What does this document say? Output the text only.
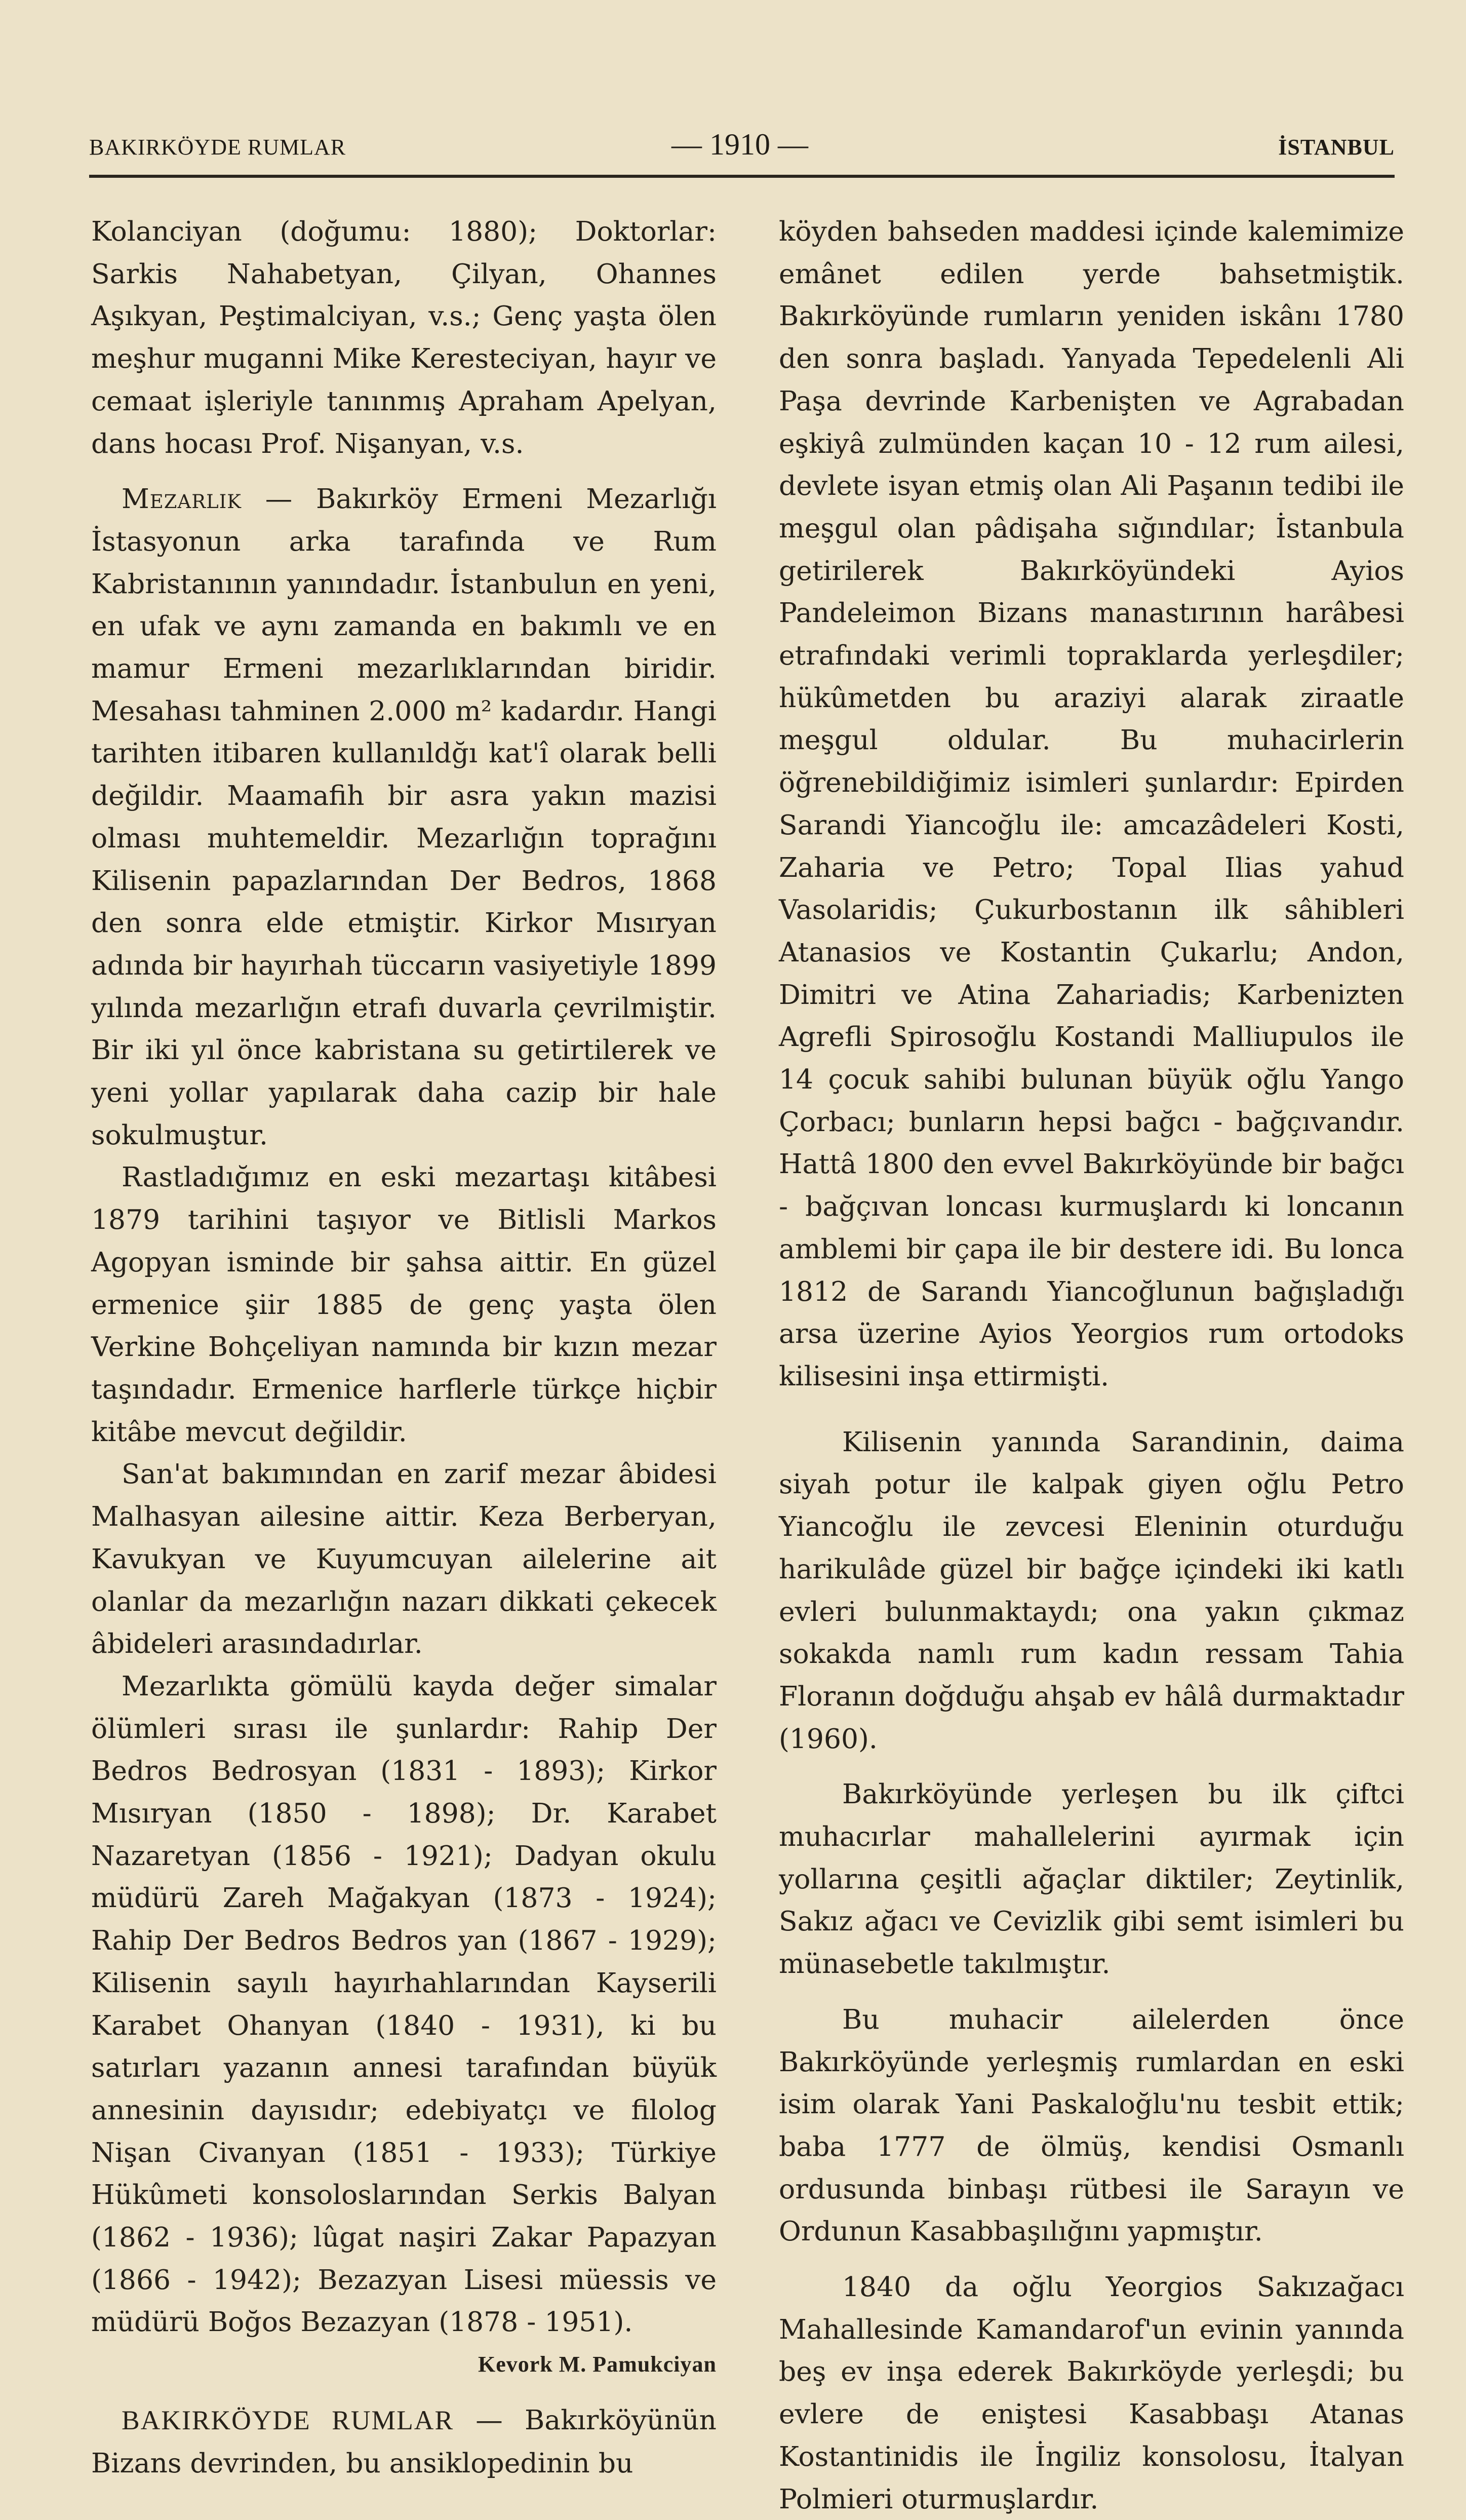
BAKIRKÖYDE RUMLAR	— 1910 —	İSTANBUL

Kolanciyan (doğumu: 1880); Doktorlar: Sarkis Nahabetyan, Çilyan, Ohannes Aşıkyan, Peştimalciyan, v.s.; Genç yaşta ölen meşhur muganni Mike Keresteciyan, hayır ve cemaat işleriyle tanınmış Apraham Apelyan, dans hocası Prof. Nişanyan, v.s.

Mezarlık — Bakırköy Ermeni Mezarlığı İstasyonun arka tarafında ve Rum Kabristanının yanındadır. İstanbulun en yeni, en ufak ve aynı zamanda en bakımlı ve en mamur Ermeni mezarlıklarından biridir. Mesahası tahminen 2.000 m² kadardır. Hangi tarihten itibaren kullanıldğı kat'î olarak belli değildir. Maamafih bir asra yakın mazisi olması muhtemeldir. Mezarlığın toprağını Kilisenin papazlarından Der Bedros, 1868 den sonra elde etmiştir. Kirkor Mısıryan adında bir hayırhah tüccarın vasiyetiyle 1899 yılında mezarlığın etrafı duvarla çevrilmiştir. Bir iki yıl önce kabristana su getirtilerek ve yeni yollar yapılarak daha cazip bir hale sokulmuştur.

Rastladığımız en eski mezartaşı kitâbesi 1879 tarihini taşıyor ve Bitlisli Markos Agopyan isminde bir şahsa aittir. En güzel ermenice şiir 1885 de genç yaşta ölen Verkine Bohçeliyan namında bir kızın mezar taşındadır. Ermenice harflerle türkçe hiçbir kitâbe mevcut değildir.

San'at bakımından en zarif mezar âbidesi Malhasyan ailesine aittir. Keza Berberyan, Kavukyan ve Kuyumcuyan ailelerine ait olanlar da mezarlığın nazarı dikkati çekecek âbideleri arasındadırlar.

Mezarlıkta gömülü kayda değer simalar ölümleri sırası ile şunlardır: Rahip Der Bedros Bedrosyan (1831 - 1893); Kirkor Mısıryan (1850 - 1898); Dr. Karabet Nazaretyan (1856 - 1921); Dadyan okulu müdürü Zareh Mağakyan (1873 - 1924); Rahip Der Bedros Bedros yan (1867 - 1929); Kilisenin sayılı hayırhahlarından Kayserili Karabet Ohanyan (1840 - 1931), ki bu satırları yazanın annesi tarafından büyük annesinin dayısıdır; edebiyatçı ve filolog Nişan Civanyan (1851 - 1933); Türkiye Hükûmeti konsoloslarından Serkis Balyan (1862 - 1936); lûgat naşiri Zakar Papazyan (1866 - 1942); Bezazyan Lisesi müessis ve müdürü Boğos Bezazyan (1878 - 1951).

Kevork M. Pamukciyan

BAKIRKÖYDE RUMLAR — Bakırköyünün Bizans devrinden, bu ansiklopedinin bu

köyden bahseden maddesi içinde kalemimize emânet edilen yerde bahsetmiştik. Bakırköyünde rumların yeniden iskânı 1780 den sonra başladı. Yanyada Tepedelenli Ali Paşa devrinde Karbenişten ve Agrabadan eşkiyâ zulmünden kaçan 10 - 12 rum ailesi, devlete isyan etmiş olan Ali Paşanın tedibi ile meşgul olan pâdişaha sığındılar; İstanbula getirilerek Bakırköyündeki Ayios Pandeleimon Bizans manastırının harâbesi etrafındaki verimli topraklarda yerleşdiler; hükûmetden bu araziyi alarak ziraatle meşgul oldular. Bu muhacirlerin öğrenebildiğimiz isimleri şunlardır: Epirden Sarandi Yiancoğlu ile: amcazâdeleri Kosti, Zaharia ve Petro; Topal Ilias yahud Vasolaridis; Çukurbostanın ilk sâhibleri Atanasios ve Kostantin Çukarlu; Andon, Dimitri ve Atina Zahariadis; Karbenizten Agrefli Spirosoğlu Kostandi Malliupulos ile 14 çocuk sahibi bulunan büyük oğlu Yango Çorbacı; bunların hepsi bağcı - bağçıvandır. Hattâ 1800 den evvel Bakırköyünde bir bağcı - bağçıvan loncası kurmuşlardı ki loncanın amblemi bir çapa ile bir destere idi. Bu lonca 1812 de Sarandı Yiancoğlunun bağışladığı arsa üzerine Ayios Yeorgios rum ortodoks kilisesini inşa ettirmişti.

Kilisenin yanında Sarandinin, daima siyah potur ile kalpak giyen oğlu Petro Yiancoğlu ile zevcesi Eleninin oturduğu harikulâde güzel bir bağçe içindeki iki katlı evleri bulunmaktaydı; ona yakın çıkmaz sokakda namlı rum kadın ressam Tahia Floranın doğduğu ahşab ev hâlâ durmaktadır (1960).

Bakırköyünde yerleşen bu ilk çiftci muhacırlar mahallelerini ayırmak için yollarına çeşitli ağaçlar diktiler; Zeytinlik, Sakız ağacı ve Cevizlik gibi semt isimleri bu münasebetle takılmıştır.

Bu muhacir ailelerden önce Bakırköyünde yerleşmiş rumlardan en eski isim olarak Yani Paskaloğlu'nu tesbit ettik; baba 1777 de ölmüş, kendisi Osmanlı ordusunda binbaşı rütbesi ile Sarayın ve Ordunun Kasabbaşılığını yapmıştır.

1840 da oğlu Yeorgios Sakızağacı Mahallesinde Kamandarof'un evinin yanında beş ev inşa ederek Bakırköyde yerleşdi; bu evlere de eniştesi Kasabbaşı Atanas Kostantinidis ile İngiliz konsolosu, İtalyan Polmieri oturmuşlardır.
